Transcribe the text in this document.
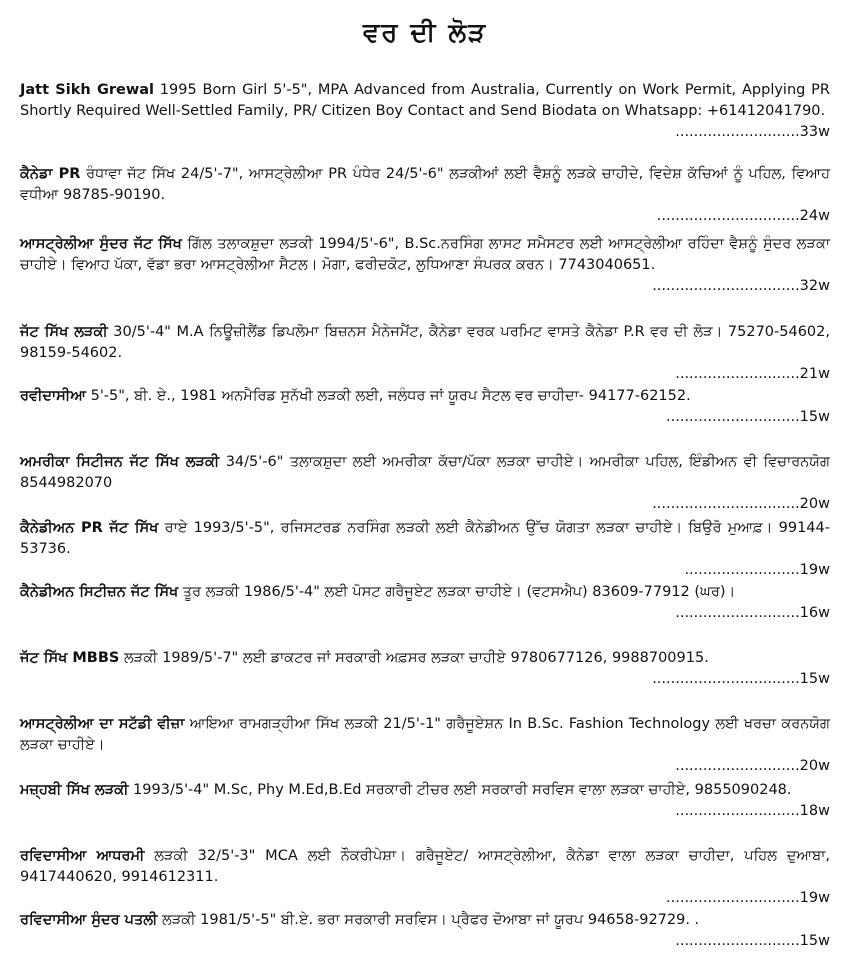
ਵਰ ਦੀ ਲੋੜ
Jatt Sikh Grewal 1995 Born Girl 5'-5", MPA Advanced from Australia, Currently on Work Permit, Applying PR Shortly Required Well-Settled Family, PR/ Citizen Boy Contact and Send Biodata on Whatsapp: +61412041790.
...........................33w
ਕੈਨੇਡਾ PR ਰੰਧਾਵਾ ਜੱਟ ਸਿੱਖ 24/5'-7", ਆਸਟ੍ਰੇਲੀਆ PR ਪੰਧੇਰ 24/5'-6" ਲੜਕੀਆਂ ਲਈ ਵੈਸ਼ਨੂੰ ਲੜਕੇ ਚਾਹੀਦੇ, ਵਿਦੇਸ਼ ਕੱਚਿਆਂ ਨੂੰ ਪਹਿਲ, ਵਿਆਹ ਵਧੀਆ 98785-90190.
...............................24w
ਆਸਟ੍ਰੇਲੀਆ ਸੁੰਦਰ ਜੱਟ ਸਿੱਖ ਗਿੱਲ ਤਲਾਕਸ਼ੁਦਾ ਲੜਕੀ 1994/5'-6", B.Sc.ਨਰਸਿੰਗ ਲਾਸਟ ਸਮੈਸਟਰ ਲਈ ਆਸਟ੍ਰੇਲੀਆ ਰਹਿੰਦਾ ਵੈਸ਼ਨੂੰ ਸੁੰਦਰ ਲੜਕਾ ਚਾਹੀਏ। ਵਿਆਹ ਪੱਕਾ, ਵੱਡਾ ਭਰਾ ਆਸਟ੍ਰੇਲੀਆ ਸੈਟਲ। ਮੋਗਾ, ਫਰੀਦਕੋਟ, ਲੁਧਿਆਣਾ ਸੰਪਰਕ ਕਰਨ। 7743040651.
................................32w
ਜੱਟ ਸਿੱਖ ਲੜਕੀ 30/5'-4" M.A ਨਿਊਜ਼ੀਲੈਂਡ ਡਿਪਲੋਮਾ ਬਿਜ਼ਨਸ ਮੈਨੇਜਮੈਂਟ, ਕੈਨੇਡਾ ਵਰਕ ਪਰਮਿਟ ਵਾਸਤੇ ਕੈਨੇਡਾ P.R ਵਰ ਦੀ ਲੋੜ। 75270-54602, 98159-54602.
...........................21w
ਰਵੀਦਾਸੀਆ 5'-5", ਬੀ. ਏ., 1981 ਅਨਮੈਰਿਡ ਸੁਨੱਖੀ ਲੜਕੀ ਲਈ, ਜਲੰਧਰ ਜਾਂ ਯੂਰਪ ਸੈਟਲ ਵਰ ਚਾਹੀਦਾ- 94177-62152.
.............................15w
ਅਮਰੀਕਾ ਸਿਟੀਜਨ ਜੱਟ ਸਿੱਖ ਲੜਕੀ 34/5'-6" ਤਲਾਕਸ਼ੁਦਾ ਲਈ ਅਮਰੀਕਾ ਕੱਚਾ/ਪੱਕਾ ਲੜਕਾ ਚਾਹੀਏ। ਅਮਰੀਕਾ ਪਹਿਲ, ਇੰਡੀਅਨ ਵੀ ਵਿਚਾਰਨਯੋਗ 8544982070
................................20w
ਕੈਨੇਡੀਅਨ PR ਜੱਟ ਸਿੱਖ ਰਾਏ 1993/5'-5", ਰਜਿਸਟਰਡ ਨਰਸਿੰਗ ਲੜਕੀ ਲਈ ਕੈਨੇਡੀਅਨ ਉੱਚ ਯੋਗਤਾ ਲੜਕਾ ਚਾਹੀਏ। ਬਿਉਰੋ ਮੁਆਫ਼। 99144-53736.
.........................19w
ਕੈਨੇਡੀਅਨ ਸਿਟੀਜ਼ਨ ਜੱਟ ਸਿੱਖ ਤੂਰ ਲੜਕੀ 1986/5'-4" ਲਈ ਪੋਸਟ ਗਰੈਜੂਏਟ ਲੜਕਾ ਚਾਹੀਏ। (ਵਟਸਐਪ) 83609-77912 (ਘਰ)।
...........................16w
ਜੱਟ ਸਿੱਖ MBBS ਲੜਕੀ 1989/5'-7" ਲਈ ਡਾਕਟਰ ਜਾਂ ਸਰਕਾਰੀ ਅਫ਼ਸਰ ਲੜਕਾ ਚਾਹੀਏ 9780677126, 9988700915.
................................15w
ਆਸਟ੍ਰੇਲੀਆ ਦਾ ਸਟੱਡੀ ਵੀਜ਼ਾ ਆਇਆ ਰਾਮਗੜ੍ਹੀਆ ਸਿੱਖ ਲੜਕੀ 21/5'-1" ਗਰੈਜੂਏਸ਼ਨ In B.Sc. Fashion Technology ਲਈ ਖਰਚਾ ਕਰਨਯੋਗ ਲੜਕਾ ਚਾਹੀਏ।
...........................20w
ਮਜ਼੍ਹਬੀ ਸਿੱਖ ਲੜਕੀ 1993/5'-4" M.Sc, Phy M.Ed,B.Ed ਸਰਕਾਰੀ ਟੀਚਰ ਲਈ ਸਰਕਾਰੀ ਸਰਵਿਸ ਵਾਲਾ ਲੜਕਾ ਚਾਹੀਏ, 9855090248.
...........................18w
ਰਵਿਦਾਸੀਆ ਆਧਰਮੀ ਲੜਕੀ 32/5'-3" MCA ਲਈ ਨੌਕਰੀਪੇਸ਼ਾ। ਗਰੈਜੂਏਟ/ ਆਸਟ੍ਰੇਲੀਆ, ਕੈਨੇਡਾ ਵਾਲਾ ਲੜਕਾ ਚਾਹੀਦਾ, ਪਹਿਲ ਦੁਆਬਾ, 9417440620, 9914612311.
.............................19w
ਰਵਿਦਾਸੀਆ ਸੁੰਦਰ ਪਤਲੀ ਲੜਕੀ 1981/5'-5" ਬੀ.ਏ. ਭਰਾ ਸਰਕਾਰੀ ਸਰਵਿਸ। ਪ੍ਰੈਫਰ ਦੋਆਬਾ ਜਾਂ ਯੂਰਪ 94658-92729. .
...........................15w
